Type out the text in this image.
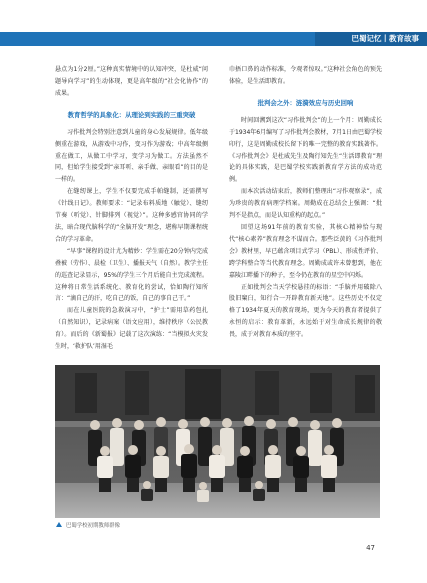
巴蜀记忆丨教育故事

悬点为1分2厘。”这种真实情境中的认知冲突，是杜威“问题导向学习”的生动体现，更是高年级的“社会化协作”的成果。

教育哲学的具象化：从理论到实践的三重突破

习作批判会特别注意到儿童的身心发展规律。低年级侧重在游戏，从游戏中习作，变习作为游戏；中高年级侧重在做工，从做工中学习，变学习为做工。方法虽然不同，但始学生接受到“亲耳听、亲手做、亲眼看”的目的是一样的。

在缝纫课上，学生不仅要完成手帕缝制，还需撰写《针线日记》。教师要求：“记录布料质地（触觉）、缝纫节奏（听觉）、针脚排列（视觉）”。这种多感官协同的学法，暗合现代脑科学的“全脑开发”理念，堪称早期课程统合的学习革命。

“早事”课程的设计尤为精妙：学生需在20分钟内完成叠被（劳作）、晨检（卫生）、播报天气（自然）。教学主任的巡查记录显示，95%的学生三个月后能自主完成流程。这种将日常生活系统化、教育化的尝试，恰如陶行知所言：“滴自己的汗，吃自己的饭，自己的事自己干。”

而在儿童医院的急救演习中，“护士”需用草药包扎（自然知识），记录病案（语文应用），维持秩序（公民教育）。而后的《新蜀报》记载了这次演练：“当模拟火灾发生时，‘救护队’用湿毛

巾捂口鼻的动作标准，令观者惊叹。”这种社会角色的预先体验，是生活即教育。

批判会之外：涟漪效应与历史回响

时间回溯到这次“习作批判会”的上一个月：周勤成长于1934年6月编写了习作批判会教材，7月1日由巴蜀学校印行，这是周勤成校长留下的唯一完整的教育实践著作。《习作批判会》是杜威先生及陶行知先生“生活即教育”理论的具体实践，是巴蜀学校实践新教育学方法的成功范例。

而本次活动结束后，教师们整理出“习作观察录”，成为珍贵的教育病理学档案。周勤成在总结会上强调：“批判不是指点，而是认知重构的起点。”

回望这场91年前的教育实验，其核心精神恰与现代“核心素养”教育理念不谋而合。那些泛黄的《习作批判会》教材里，早已蕴含项目式学习（PBL）、形成性评价、跨学科整合等当代教育理念。周勤成或许未曾想到，他在嘉陵江畔播下的种子，至今仍在教育的星空中闪烁。

正如批判会当天学校悬挂的标语：“手脑并用破除八股旧窠臼，知行合一开辟教育新天地”。这些历史不仅定格了1934年夏天的教育现场，更为今天的教育者提供了永恒的启示：教育革新，永远始于对生命成长规律的敬畏，成于对教育本质的坚守。

巴蜀学校初期教师群像
47
